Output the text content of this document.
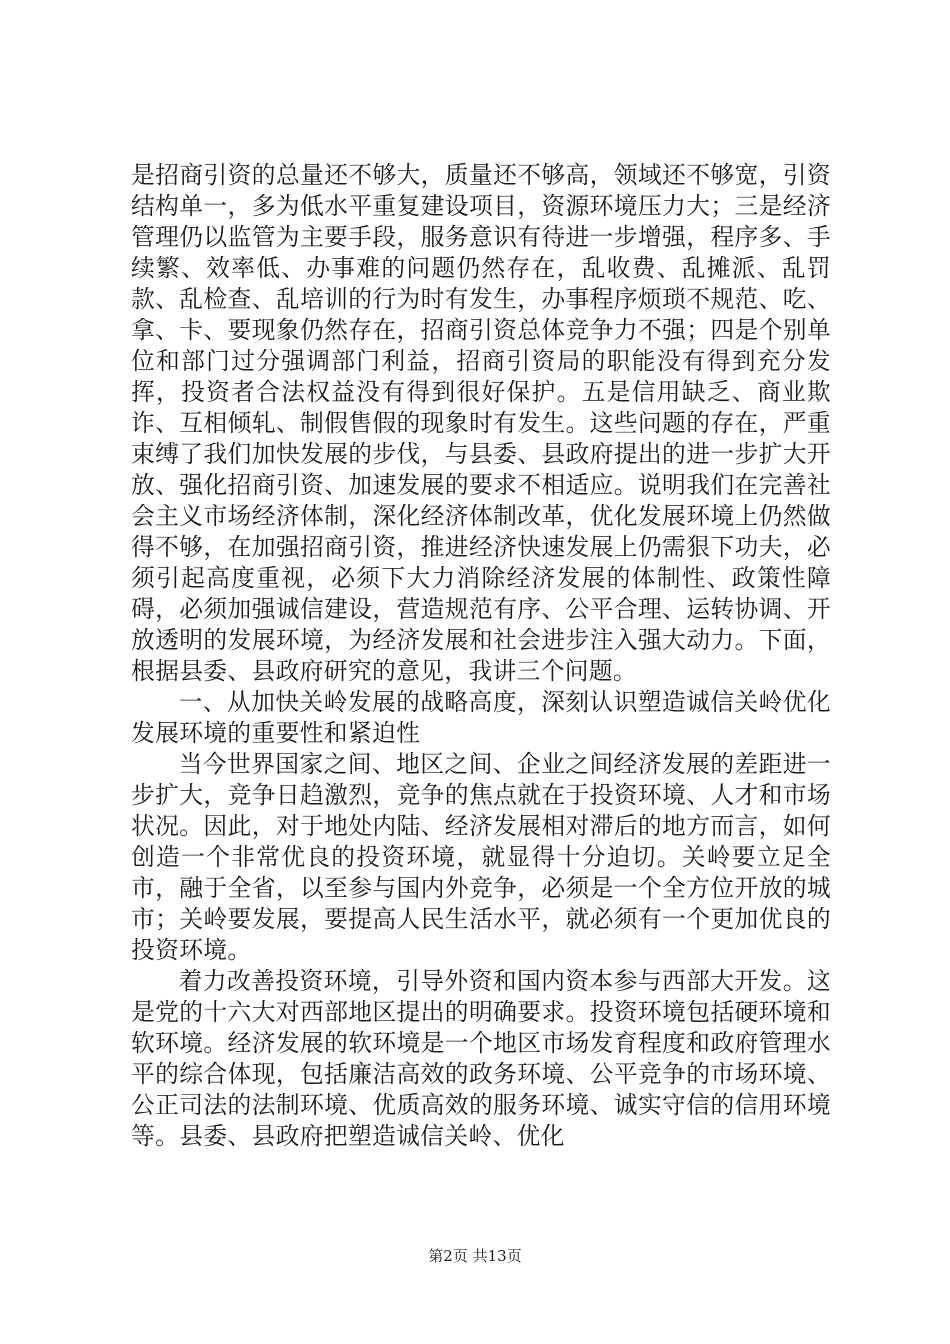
是招商引资的总量还不够大，质量还不够高，领域还不够宽，引资结构单一，多为低水平重复建设项目，资源环境压力大；三是经济管理仍以监管为主要手段，服务意识有待进一步增强，程序多、手续繁、效率低、办事难的问题仍然存在，乱收费、乱摊派、乱罚款、乱检查、乱培训的行为时有发生，办事程序烦琐不规范、吃、拿、卡、要现象仍然存在，招商引资总体竞争力不强；四是个别单位和部门过分强调部门利益，招商引资局的职能没有得到充分发挥，投资者合法权益没有得到很好保护。五是信用缺乏、商业欺诈、互相倾轧、制假售假的现象时有发生。这些问题的存在，严重束缚了我们加快发展的步伐，与县委、县政府提出的进一步扩大开放、强化招商引资、加速发展的要求不相适应。说明我们在完善社会主义市场经济体制，深化经济体制改革，优化发展环境上仍然做得不够，在加强招商引资，推进经济快速发展上仍需狠下功夫，必须引起高度重视，必须下大力消除经济发展的体制性、政策性障碍，必须加强诚信建设，营造规范有序、公平合理、运转协调、开放透明的发展环境，为经济发展和社会进步注入强大动力。下面，根据县委、县政府研究的意见，我讲三个问题。

一、从加快关岭发展的战略高度，深刻认识塑造诚信关岭优化发展环境的重要性和紧迫性

当今世界国家之间、地区之间、企业之间经济发展的差距进一步扩大，竞争日趋激烈，竞争的焦点就在于投资环境、人才和市场状况。因此，对于地处内陆、经济发展相对滞后的地方而言，如何创造一个非常优良的投资环境，就显得十分迫切。关岭要立足全市，融于全省，以至参与国内外竞争，必须是一个全方位开放的城市；关岭要发展，要提高人民生活水平，就必须有一个更加优良的投资环境。

着力改善投资环境，引导外资和国内资本参与西部大开发。这是党的十六大对西部地区提出的明确要求。投资环境包括硬环境和软环境。经济发展的软环境是一个地区市场发育程度和政府管理水平的综合体现，包括廉洁高效的政务环境、公平竞争的市场环境、公正司法的法制环境、优质高效的服务环境、诚实守信的信用环境等。县委、县政府把塑造诚信关岭、优化

第2页 共13页
